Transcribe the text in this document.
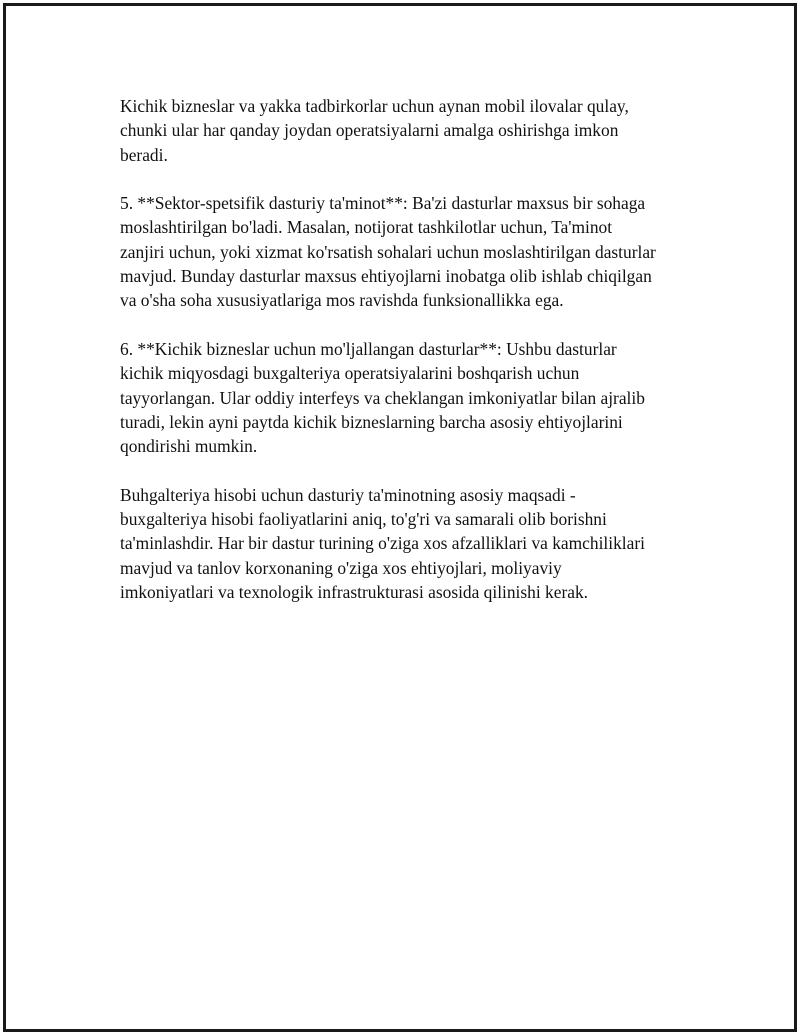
Kichik bizneslar va yakka tadbirkorlar uchun aynan mobil ilovalar qulay,
chunki ular har qanday joydan operatsiyalarni amalga oshirishga imkon
beradi.

5. **Sektor-spetsifik dasturiy ta'minot**: Ba'zi dasturlar maxsus bir sohaga
moslashtirilgan bo'ladi. Masalan, notijorat tashkilotlar uchun, Ta'minot
zanjiri uchun, yoki xizmat ko'rsatish sohalari uchun moslashtirilgan dasturlar
mavjud. Bunday dasturlar maxsus ehtiyojlarni inobatga olib ishlab chiqilgan
va o'sha soha xususiyatlariga mos ravishda funksionallikka ega.

6. **Kichik bizneslar uchun mo'ljallangan dasturlar**: Ushbu dasturlar
kichik miqyosdagi buxgalteriya operatsiyalarini boshqarish uchun
tayyorlangan. Ular oddiy interfeys va cheklangan imkoniyatlar bilan ajralib
turadi, lekin ayni paytda kichik bizneslarning barcha asosiy ehtiyojlarini
qondirishi mumkin.

Buhgalteriya hisobi uchun dasturiy ta'minotning asosiy maqsadi -
buxgalteriya hisobi faoliyatlarini aniq, to'g'ri va samarali olib borishni
ta'minlashdir. Har bir dastur turining o'ziga xos afzalliklari va kamchiliklari
mavjud va tanlov korxonaning o'ziga xos ehtiyojlari, moliyaviy
imkoniyatlari va texnologik infrastrukturasi asosida qilinishi kerak.
